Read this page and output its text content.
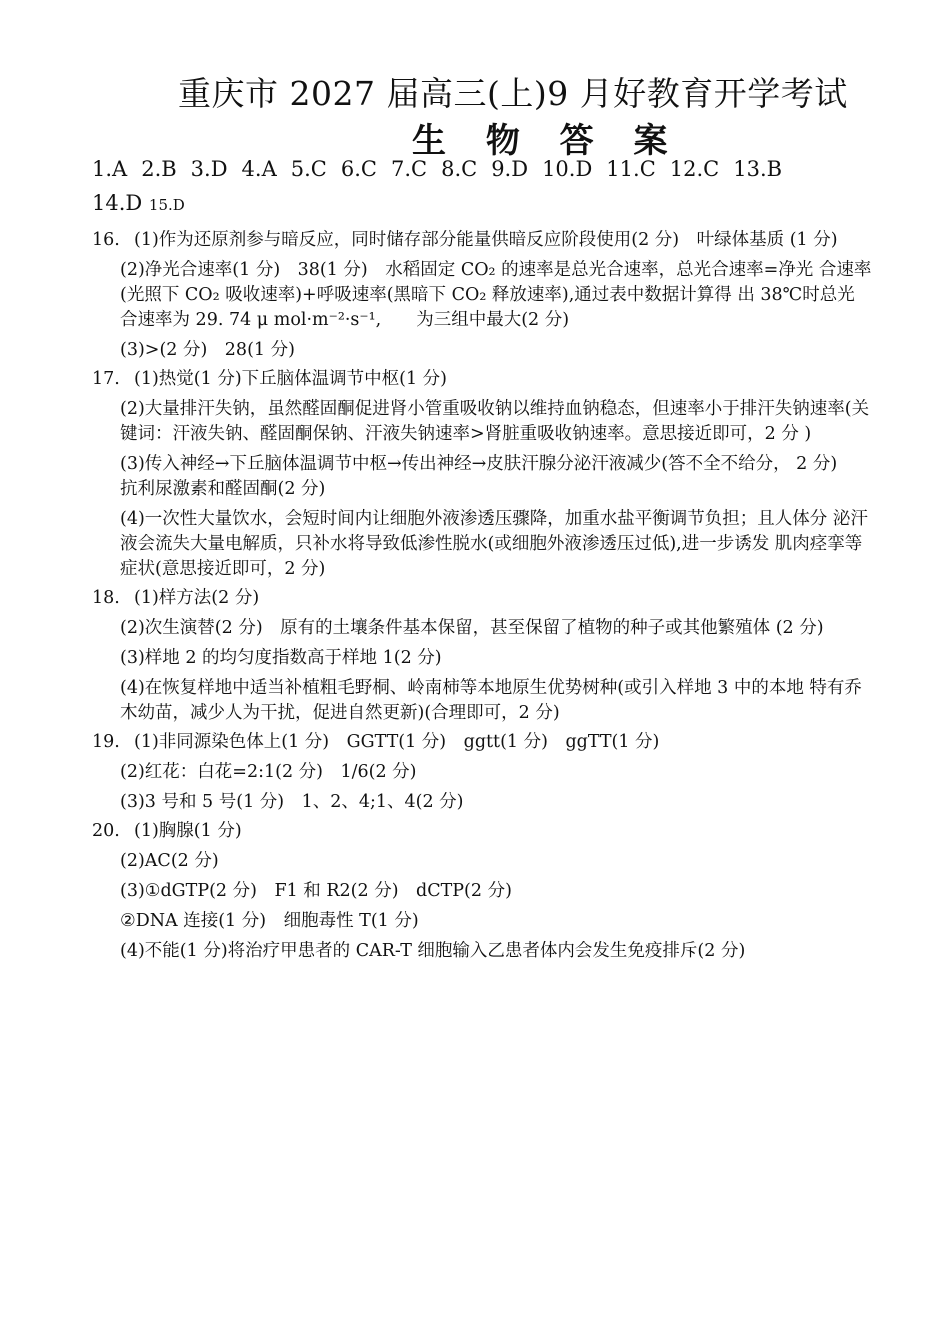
重庆市 2027 届高三(上)9 月好教育开学考试
生 物 答 案
1.A 2.B 3.D 4.A 5.C 6.C 7.C 8.C 9.D 10.D 11.C 12.C 13.B
14.D 15.D
16. (1)作为还原剂参与暗反应，同时储存部分能量供暗反应阶段使用(2 分)　叶绿体基质 (1 分)
(2)净光合速率(1 分)　38(1 分)　水稻固定 CO₂ 的速率是总光合速率，总光合速率=净光 合速率(光照下 CO₂ 吸收速率)+呼吸速率(黑暗下 CO₂ 释放速率),通过表中数据计算得 出 38℃时总光合速率为 29. 74 μ mol·m⁻²·s⁻¹,　　为三组中最大(2 分)
(3)>(2 分)　28(1 分)
17. (1)热觉(1 分)下丘脑体温调节中枢(1 分)
(2)大量排汗失钠，虽然醛固酮促进肾小管重吸收钠以维持血钠稳态，但速率小于排汗失钠速率(关键词：汗液失钠、醛固酮保钠、汗液失钠速率>肾脏重吸收钠速率。意思接近即可，2 分 )
(3)传入神经→下丘脑体温调节中枢→传出神经→皮肤汗腺分泌汗液减少(答不全不给分， 2 分)　抗利尿激素和醛固酮(2 分)
(4)一次性大量饮水，会短时间内让细胞外液渗透压骤降，加重水盐平衡调节负担；且人体分 泌汗液会流失大量电解质，只补水将导致低渗性脱水(或细胞外液渗透压过低),进一步诱发 肌肉痉挛等症状(意思接近即可，2 分)
18. (1)样方法(2 分)
(2)次生演替(2 分)　原有的土壤条件基本保留，甚至保留了植物的种子或其他繁殖体 (2 分)
(3)样地 2 的均匀度指数高于样地 1(2 分)
(4)在恢复样地中适当补植粗毛野桐、岭南柿等本地原生优势树种(或引入样地 3 中的本地 特有乔木幼苗，减少人为干扰，促进自然更新)(合理即可，2 分)
19. (1)非同源染色体上(1 分)　GGTT(1 分)　ggtt(1 分)　ggTT(1 分)
(2)红花：白花=2:1(2 分)　1/6(2 分)
(3)3 号和 5 号(1 分)　1、2、4;1、4(2 分)
20. (1)胸腺(1 分)
(2)AC(2 分)
(3)①dGTP(2 分)　F1 和 R2(2 分)　dCTP(2 分)
②DNA 连接(1 分)　细胞毒性 T(1 分)
(4)不能(1 分)将治疗甲患者的 CAR-T 细胞输入乙患者体内会发生免疫排斥(2 分)
